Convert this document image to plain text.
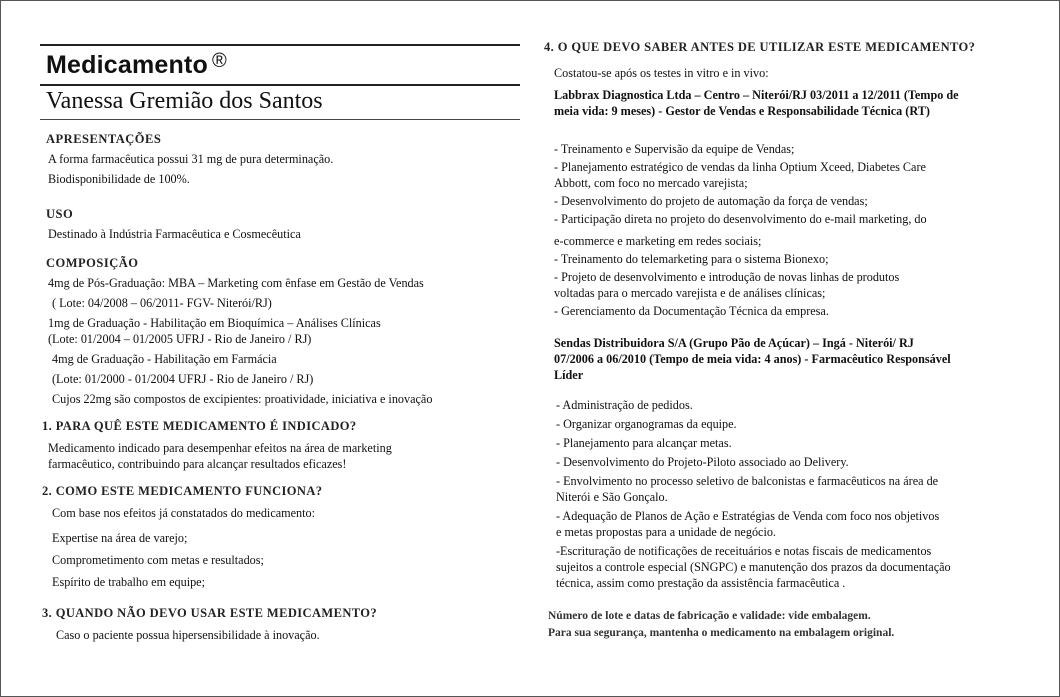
Medicamento ®
Vanessa Gremião dos Santos
APRESENTAÇÕES
A forma farmacêutica possui 31 mg de pura determinação.
Biodisponibilidade de 100%.
USO
Destinado à Indústria Farmacêutica e Cosmecêutica
COMPOSIÇÃO
4mg de Pós-Graduação: MBA – Marketing com ênfase em Gestão de Vendas
( Lote: 04/2008 – 06/2011- FGV- Niterói/RJ)
1mg de Graduação - Habilitação em Bioquímica – Análises Clínicas
(Lote: 01/2004 – 01/2005 UFRJ - Rio de Janeiro / RJ)
4mg de Graduação - Habilitação em Farmácia
(Lote: 01/2000 - 01/2004 UFRJ - Rio de Janeiro / RJ)
Cujos 22mg são compostos de excipientes: proatividade, iniciativa e inovação
1. PARA QUÊ ESTE MEDICAMENTO É INDICADO?
Medicamento indicado para desempenhar efeitos na área de marketing
farmacêutico, contribuindo para alcançar resultados eficazes!
2. COMO ESTE MEDICAMENTO FUNCIONA?
Com base nos efeitos já constatados do medicamento:
Expertise na área de varejo;
Comprometimento com metas e resultados;
Espírito de trabalho em equipe;
3. QUANDO NÃO DEVO USAR ESTE MEDICAMENTO?
Caso o paciente possua hipersensibilidade à inovação.
4. O QUE DEVO SABER ANTES DE UTILIZAR ESTE MEDICAMENTO?
Costatou-se após os testes in vitro e in vivo:
Labbrax Diagnostica Ltda – Centro – Niterói/RJ 03/2011 a 12/2011 (Tempo de
meia vida: 9 meses) - Gestor de Vendas e Responsabilidade Técnica (RT)
- Treinamento e Supervisão da equipe de Vendas;
- Planejamento estratégico de vendas da linha Optium Xceed, Diabetes Care
Abbott, com foco no mercado varejista;
- Desenvolvimento do projeto de automação da força de vendas;
- Participação direta no projeto do desenvolvimento do e-mail marketing, do
e-commerce e marketing em redes sociais;
- Treinamento do telemarketing para o sistema Bionexo;
- Projeto de desenvolvimento e introdução de novas linhas de produtos
voltadas para o mercado varejista e de análises clínicas;
- Gerenciamento da Documentação Técnica da empresa.
Sendas Distribuidora S/A (Grupo Pão de Açúcar) – Ingá - Niterói/ RJ
07/2006 a 06/2010 (Tempo de meia vida: 4 anos) - Farmacêutico Responsável
Líder
- Administração de pedidos.
- Organizar organogramas da equipe.
- Planejamento para alcançar metas.
- Desenvolvimento do Projeto-Piloto associado ao Delivery.
- Envolvimento no processo seletivo de balconistas e farmacêuticos na área de
Niterói e São Gonçalo.
- Adequação de Planos de Ação e Estratégias de Venda com foco nos objetivos
e metas propostas para a unidade de negócio.
-Escrituração de notificações de receituários e notas fiscais de medicamentos
sujeitos a controle especial (SNGPC) e manutenção dos prazos da documentação
técnica, assim como prestação da assistência farmacêutica .
Número de lote e datas de fabricação e validade: vide embalagem.
Para sua segurança, mantenha o medicamento na embalagem original.
